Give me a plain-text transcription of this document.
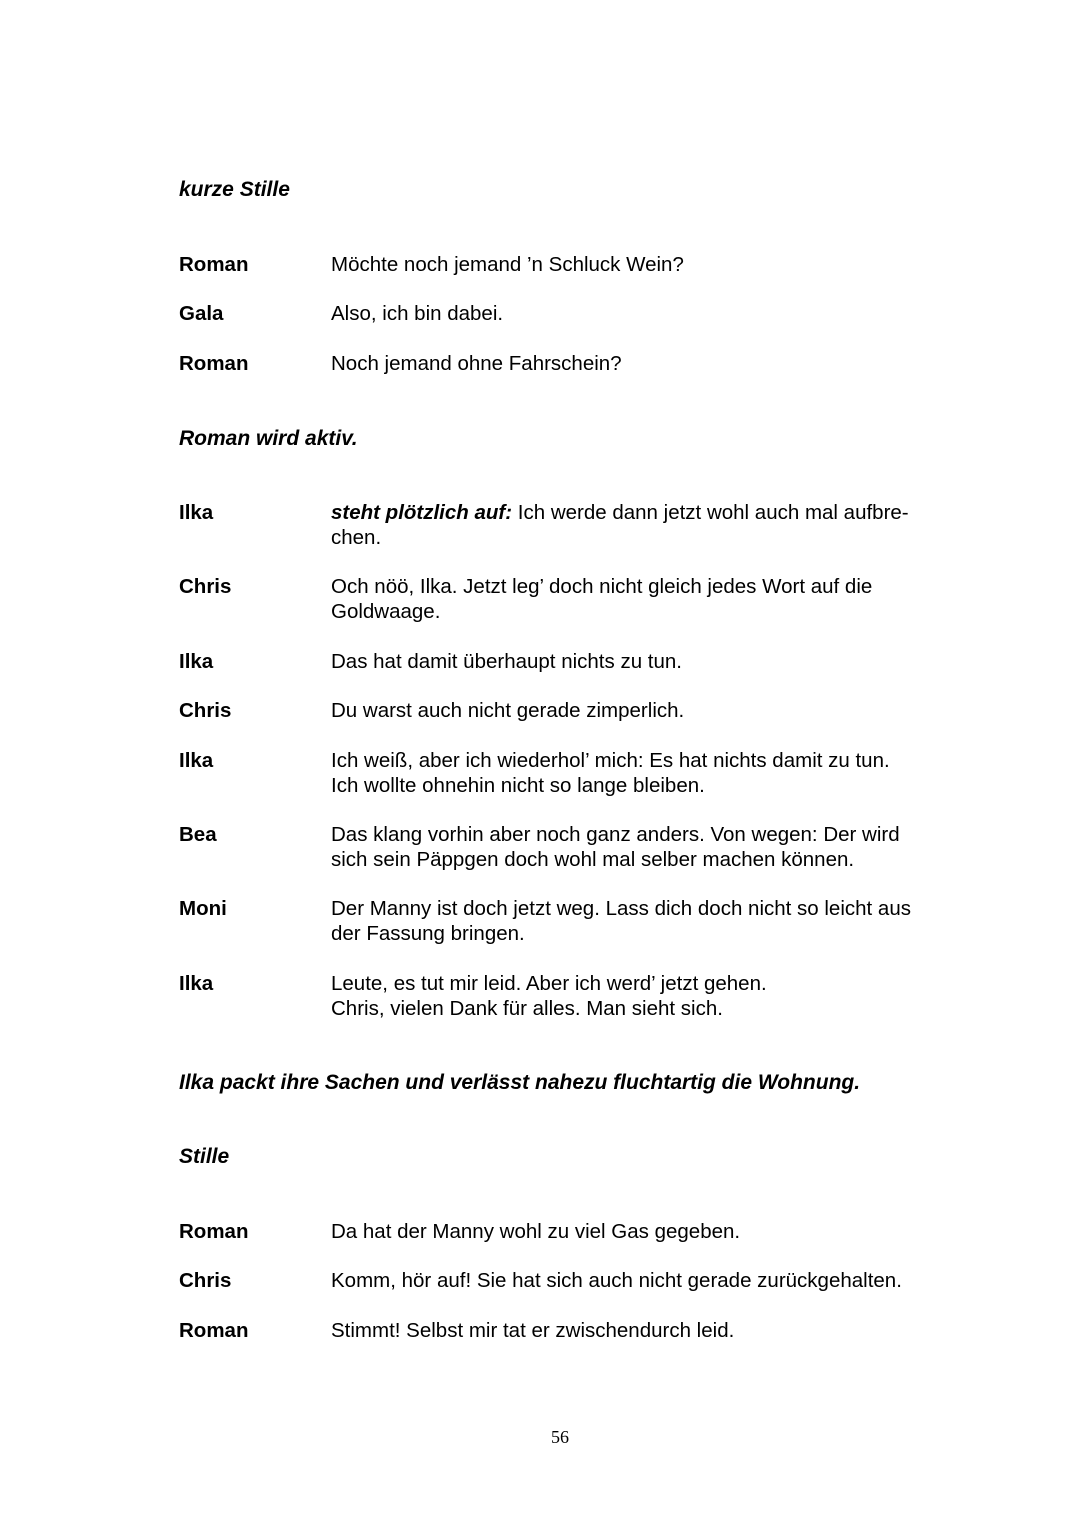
kurze Stille
Roman	Möchte noch jemand ’n Schluck Wein?
Gala	Also, ich bin dabei.
Roman	Noch jemand ohne Fahrschein?
Roman wird aktiv.
Ilka	steht plötzlich auf: Ich werde dann jetzt wohl auch mal aufbre-
chen.
Chris	Och nöö, Ilka. Jetzt leg’ doch nicht gleich jedes Wort auf die
Goldwaage.
Ilka	Das hat damit überhaupt nichts zu tun.
Chris	Du warst auch nicht gerade zimperlich.
Ilka	Ich weiß, aber ich wiederhol’ mich: Es hat nichts damit zu tun.
Ich wollte ohnehin nicht so lange bleiben.
Bea	Das klang vorhin aber noch ganz anders. Von wegen: Der wird
sich sein Päppgen doch wohl mal selber machen können.
Moni	Der Manny ist doch jetzt weg. Lass dich doch nicht so leicht aus
der Fassung bringen.
Ilka	Leute, es tut mir leid. Aber ich werd’ jetzt gehen.
Chris, vielen Dank für alles. Man sieht sich.
Ilka packt ihre Sachen und verlässt nahezu fluchtartig die Wohnung.
Stille
Roman	Da hat der Manny wohl zu viel Gas gegeben.
Chris	Komm, hör auf! Sie hat sich auch nicht gerade zurückgehalten.
Roman	Stimmt! Selbst mir tat er zwischendurch leid.
56
